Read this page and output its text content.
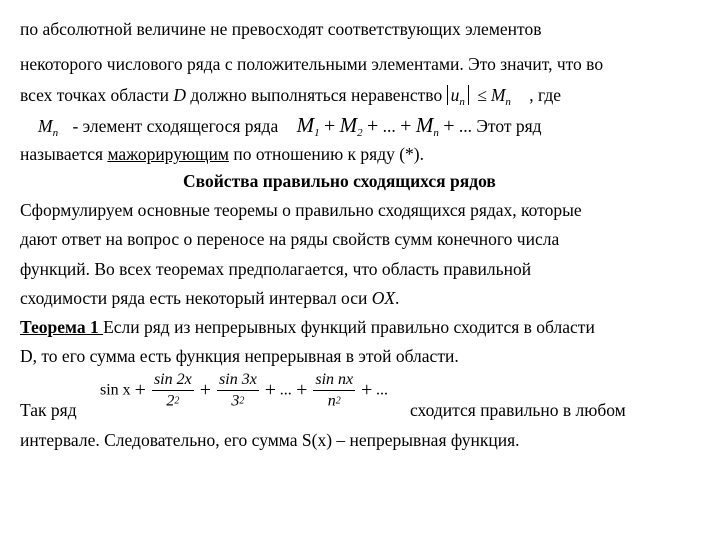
по абсолютной величине не превосходят соответствующих элементов
некоторого числового ряда с положительными элементами. Это значит, что во
всех точках области D должно выполняться неравенство $u_n \le M_n$ , где
$M_n$ - элемент сходящегося ряда $M_1 + M_2$ + ... + $M_n$ + ... Этот ряд
называется мажорирующим по отношению к ряду (*).
Свойства правильно сходящихся рядов
Сформулируем основные теоремы о правильно сходящихся рядах, которые
дают ответ на вопрос о переносе на ряды свойств сумм конечного числа
функций. Во всех теоремах предполагается, что область правильной
сходимости ряда есть некоторый интервал оси OX.
Теорема 1 Если ряд из непрерывных функций правильно сходится в области
D, то его сумма есть функция непрерывная в этой области.
Так ряд
$\sin x + \frac{\sin 2x}{22} + \frac{\sin 3x}{32}$ + ... + $\frac{\text{sin nx}}{n2}$ + ...
сходится правильно в любом
интервале. Следовательно, его сумма S(x) – непрерывная функция.
